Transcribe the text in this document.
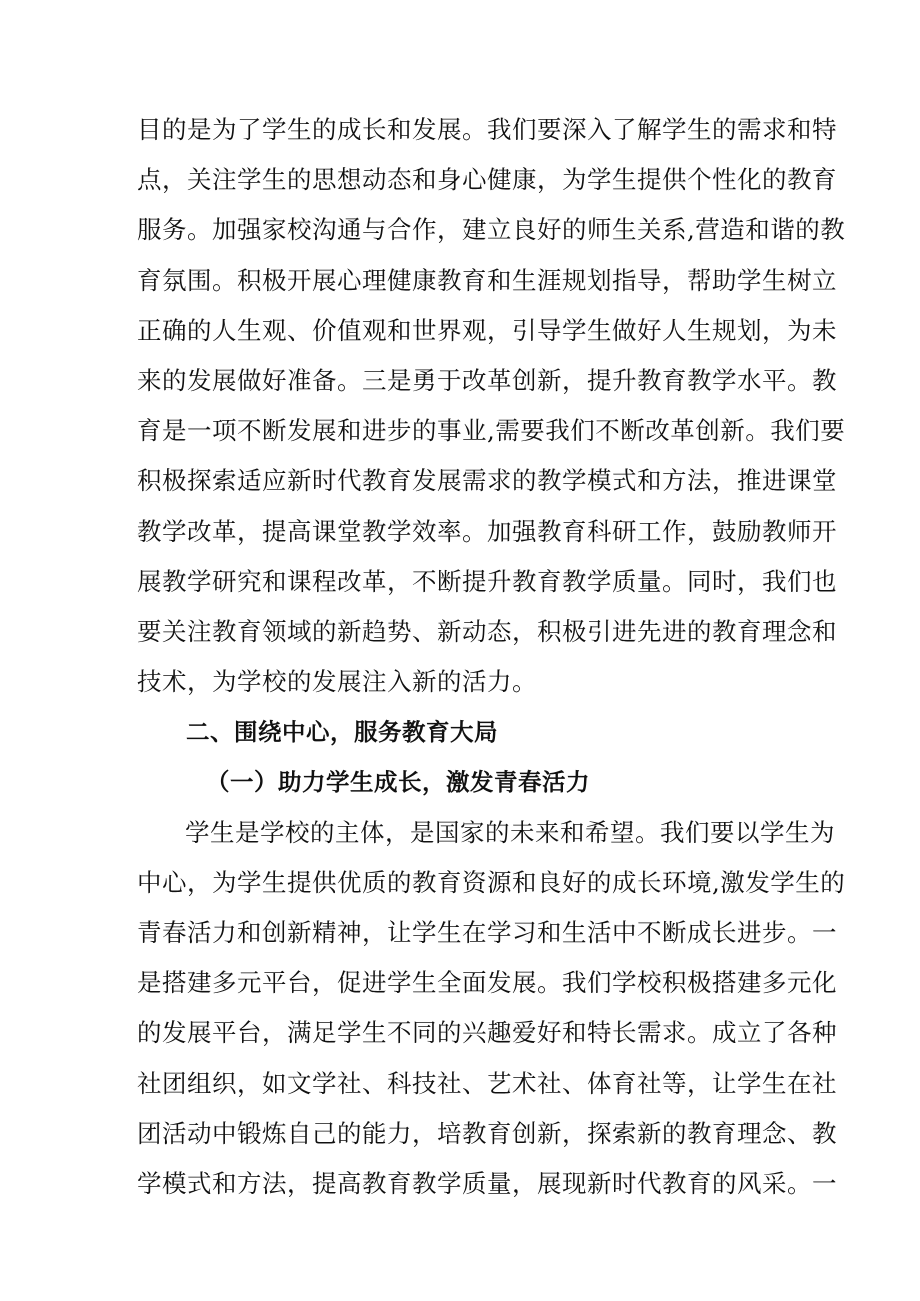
目的是为了学生的成长和发展。我们要深入了解学生的需求和特
点，关注学生的思想动态和身心健康，为学生提供个性化的教育
服务。加强家校沟通与合作，建立良好的师生关系,营造和谐的教
育氛围。积极开展心理健康教育和生涯规划指导，帮助学生树立
正确的人生观、价值观和世界观，引导学生做好人生规划，为未
来的发展做好准备。三是勇于改革创新，提升教育教学水平。教
育是一项不断发展和进步的事业,需要我们不断改革创新。我们要
积极探索适应新时代教育发展需求的教学模式和方法，推进课堂
教学改革，提高课堂教学效率。加强教育科研工作，鼓励教师开
展教学研究和课程改革，不断提升教育教学质量。同时，我们也
要关注教育领域的新趋势、新动态，积极引进先进的教育理念和
技术，为学校的发展注入新的活力。
二、围绕中心，服务教育大局
（一）助力学生成长，激发青春活力
学生是学校的主体，是国家的未来和希望。我们要以学生为
中心，为学生提供优质的教育资源和良好的成长环境,激发学生的
青春活力和创新精神，让学生在学习和生活中不断成长进步。一
是搭建多元平台，促进学生全面发展。我们学校积极搭建多元化
的发展平台，满足学生不同的兴趣爱好和特长需求。成立了各种
社团组织，如文学社、科技社、艺术社、体育社等，让学生在社
团活动中锻炼自己的能力，培教育创新，探索新的教育理念、教
学模式和方法，提高教育教学质量，展现新时代教育的风采。一
